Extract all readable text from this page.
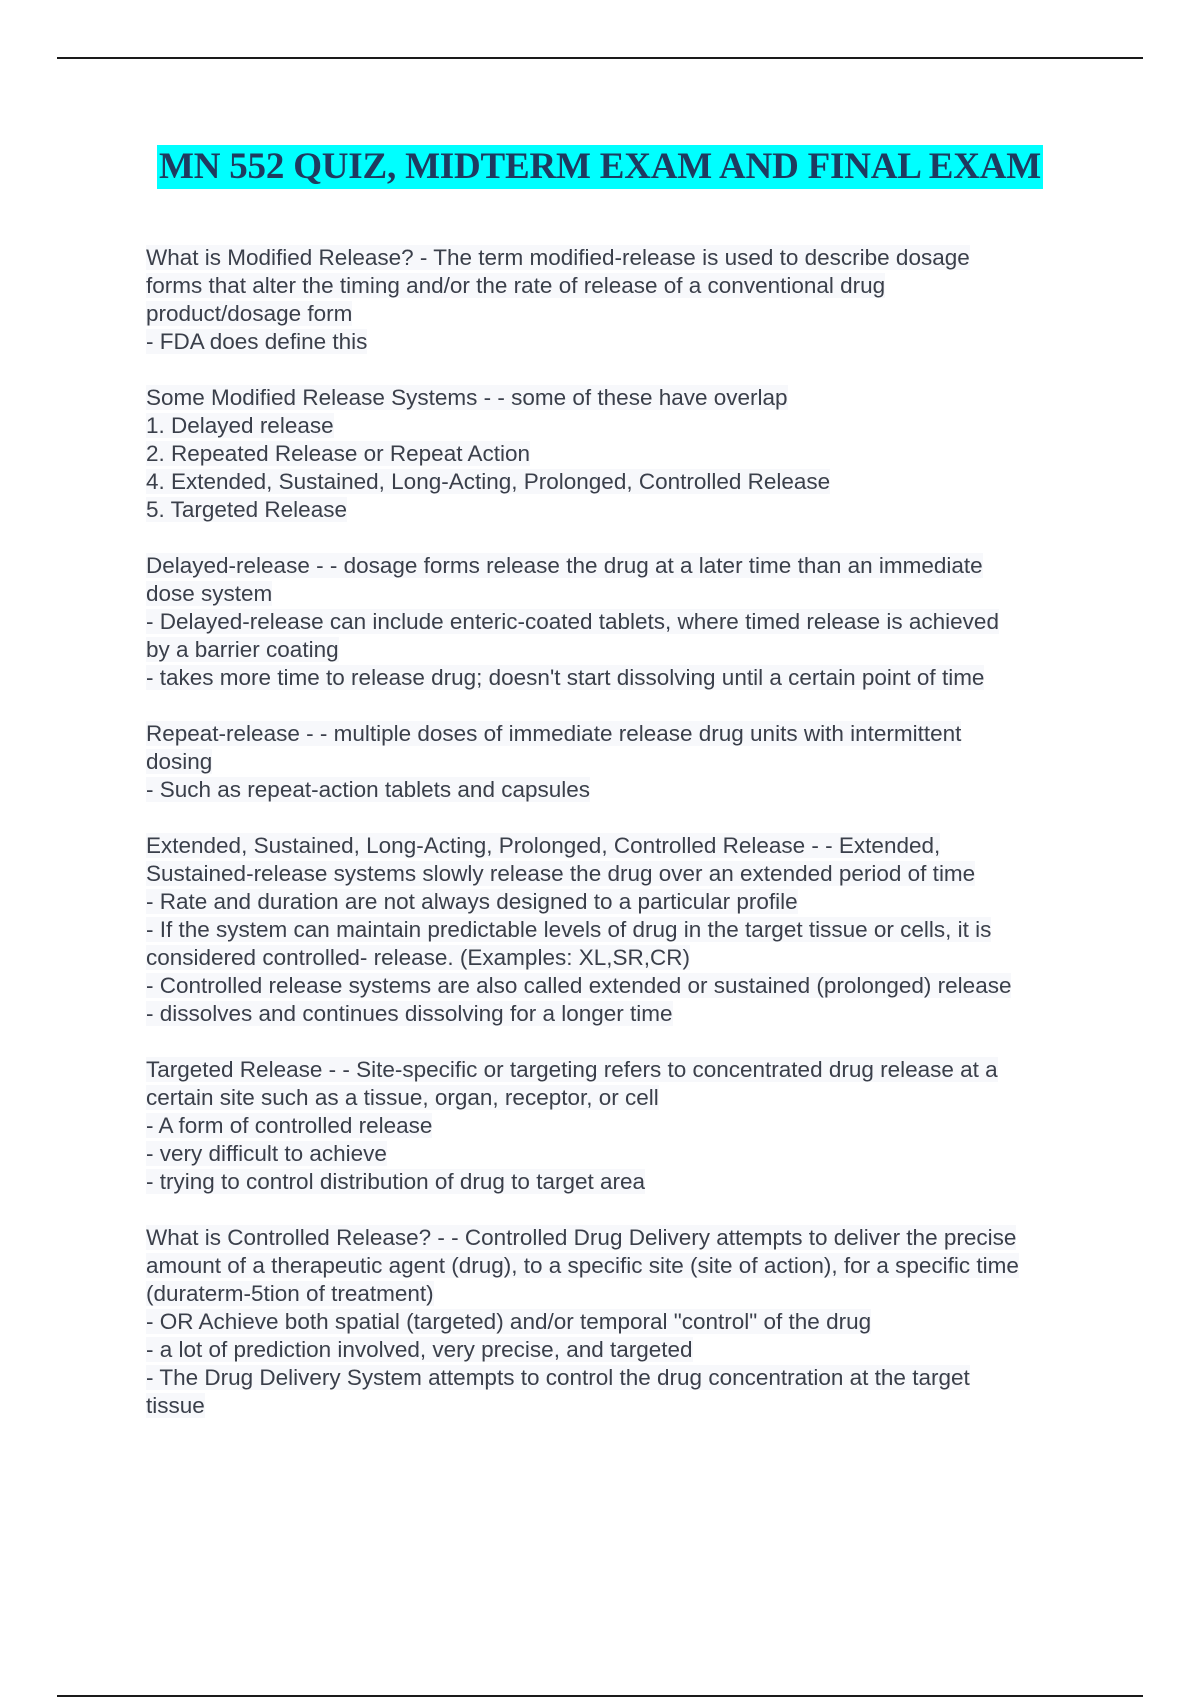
MN 552 QUIZ, MIDTERM EXAM AND FINAL EXAM
What is Modified Release? - The term modified-release is used to describe dosage
forms that alter the timing and/or the rate of release of a conventional drug
product/dosage form
- FDA does define this
Some Modified Release Systems - - some of these have overlap
1. Delayed release
2. Repeated Release or Repeat Action
4. Extended, Sustained, Long-Acting, Prolonged, Controlled Release
5. Targeted Release
Delayed-release - - dosage forms release the drug at a later time than an immediate
dose system
- Delayed-release can include enteric-coated tablets, where timed release is achieved
by a barrier coating
- takes more time to release drug; doesn't start dissolving until a certain point of time
Repeat-release - - multiple doses of immediate release drug units with intermittent
dosing
- Such as repeat-action tablets and capsules
Extended, Sustained, Long-Acting, Prolonged, Controlled Release - - Extended,
Sustained-release systems slowly release the drug over an extended period of time
- Rate and duration are not always designed to a particular profile
- If the system can maintain predictable levels of drug in the target tissue or cells, it is
considered controlled- release. (Examples: XL,SR,CR)
- Controlled release systems are also called extended or sustained (prolonged) release
- dissolves and continues dissolving for a longer time
Targeted Release - - Site-specific or targeting refers to concentrated drug release at a
certain site such as a tissue, organ, receptor, or cell
- A form of controlled release
- very difficult to achieve
- trying to control distribution of drug to target area
What is Controlled Release? - - Controlled Drug Delivery attempts to deliver the precise
amount of a therapeutic agent (drug), to a specific site (site of action), for a specific time
(durаterm-5tion of treatment)
- OR Achieve both spatial (targeted) and/or temporal "control" of the drug
- a lot of prediction involved, very precise, and targeted
- The Drug Delivery System attempts to control the drug concentration at the target
tissue
